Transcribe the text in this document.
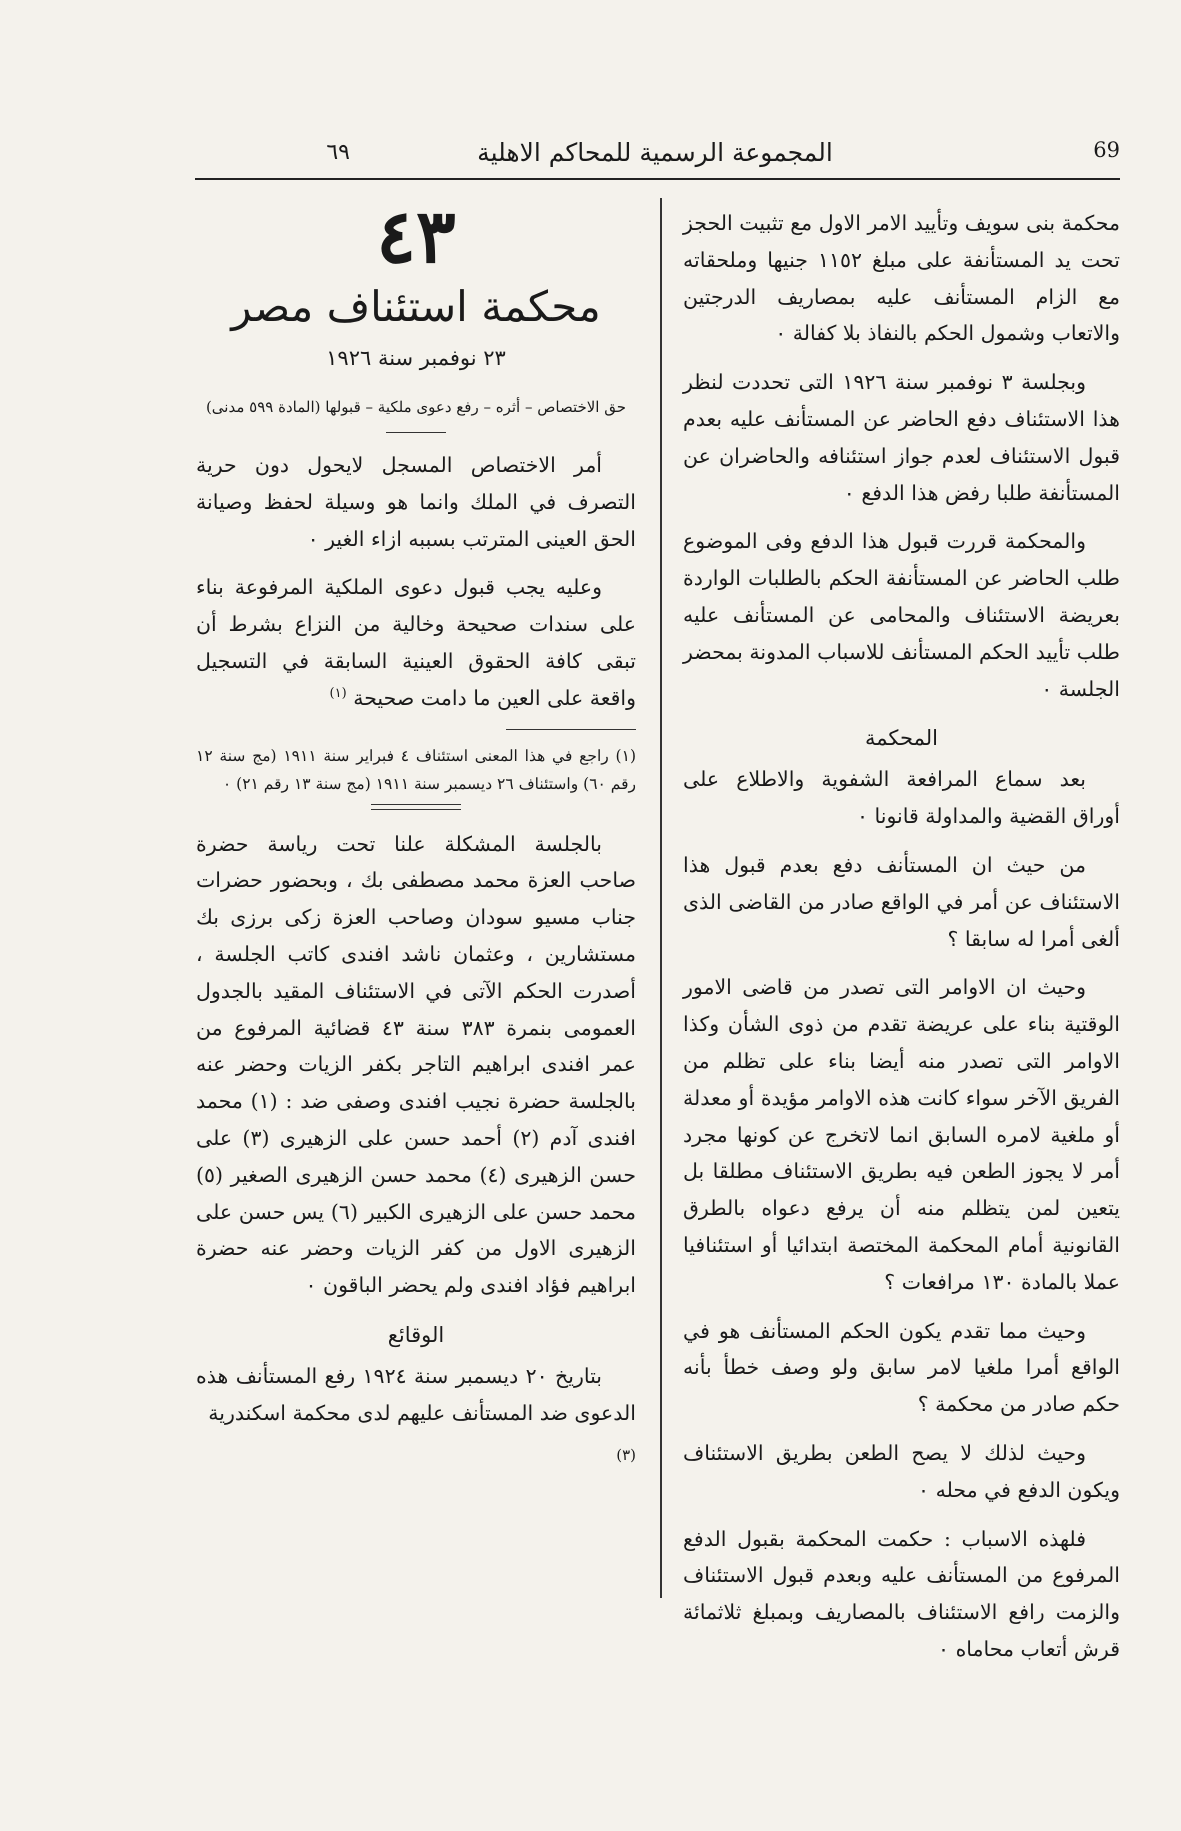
المجموعة الرسمية للمحاكم الاهلية
٦٩	69
٤٣
محكمة استئناف مصر
٢٣ نوفمبر سنة ١٩٢٦

حق الاختصاص – أثره – رفع دعوى ملكية – قبولها (المادة ٥٩٩ مدنى)

أمر الاختصاص المسجل لايحول دون حرية التصرف في الملك وانما هو وسيلة لحفظ وصيانة الحق العينى المترتب بسببه ازاء الغير ٠

وعليه يجب قبول دعوى الملكية المرفوعة بناء على سندات صحيحة وخالية من النزاع بشرط أن تبقى كافة الحقوق العينية السابقة في التسجيل واقعة على العين ما دامت صحيحة $^{(١)}$

(١) راجع في هذا المعنى استئناف ٤ فبراير سنة ١٩١١ (مج سنة ١٢ رقم ٦٠) واستئناف ٢٦ ديسمبر سنة ١٩١١ (مج سنة ١٣ رقم ٢١) ٠

بالجلسة المشكلة علنا تحت رياسة حضرة صاحب العزة محمد مصطفى بك ، وبحضور حضرات جناب مسيو سودان وصاحب العزة زكى برزى بك مستشارين ، وعثمان ناشد افندى كاتب الجلسة ، أصدرت الحكم الآتى في الاستئناف المقيد بالجدول العمومى بنمرة ٣٨٣ سنة ٤٣ قضائية المرفوع من عمر افندى ابراهيم التاجر بكفر الزيات وحضر عنه بالجلسة حضرة نجيب افندى وصفى ضد : (١) محمد افندى آدم (٢) أحمد حسن على الزهيرى (٣) على حسن الزهيرى (٤) محمد حسن الزهيرى الصغير (٥) محمد حسن على الزهيرى الكبير (٦) يس حسن على الزهيرى الاول من كفر الزيات وحضر عنه حضرة ابراهيم فؤاد افندى ولم يحضر الباقون ٠

الوقائع

بتاريخ ٢٠ ديسمبر سنة ١٩٢٤ رفع المستأنف هذه الدعوى ضد المستأنف عليهم لدى محكمة اسكندرية

(٣)

محكمة بنى سويف وتأييد الامر الاول مع تثبيت الحجز تحت يد المستأنفة على مبلغ ١١٥٢ جنيها وملحقاته مع الزام المستأنف عليه بمصاريف الدرجتين والاتعاب وشمول الحكم بالنفاذ بلا كفالة ٠

وبجلسة ٣ نوفمبر سنة ١٩٢٦ التى تحددت لنظر هذا الاستئناف دفع الحاضر عن المستأنف عليه بعدم قبول الاستئناف لعدم جواز استئنافه والحاضران عن المستأنفة طلبا رفض هذا الدفع ٠

والمحكمة قررت قبول هذا الدفع وفى الموضوع طلب الحاضر عن المستأنفة الحكم بالطلبات الواردة بعريضة الاستئناف والمحامى عن المستأنف عليه طلب تأييد الحكم المستأنف للاسباب المدونة بمحضر الجلسة ٠

المحكمة

بعد سماع المرافعة الشفوية والاطلاع على أوراق القضية والمداولة قانونا ٠

من حيث ان المستأنف دفع بعدم قبول هذا الاستئناف عن أمر في الواقع صادر من القاضى الذى ألغى أمرا له سابقا ؟

وحيث ان الاوامر التى تصدر من قاضى الامور الوقتية بناء على عريضة تقدم من ذوى الشأن وكذا الاوامر التى تصدر منه أيضا بناء على تظلم من الفريق الآخر سواء كانت هذه الاوامر مؤيدة أو معدلة أو ملغية لامره السابق انما لاتخرج عن كونها مجرد أمر لا يجوز الطعن فيه بطريق الاستئناف مطلقا بل يتعين لمن يتظلم منه أن يرفع دعواه بالطرق القانونية أمام المحكمة المختصة ابتدائيا أو استئنافيا عملا بالمادة ١٣٠ مرافعات ؟

وحيث مما تقدم يكون الحكم المستأنف هو في الواقع أمرا ملغيا لامر سابق ولو وصف خطأ بأنه حكم صادر من محكمة ؟

وحيث لذلك لا يصح الطعن بطريق الاستئناف ويكون الدفع في محله ٠

فلهذه الاسباب : حكمت المحكمة بقبول الدفع المرفوع من المستأنف عليه وبعدم قبول الاستئناف والزمت رافع الاستئناف بالمصاريف وبمبلغ ثلاثمائة قرش أتعاب محاماه ٠
